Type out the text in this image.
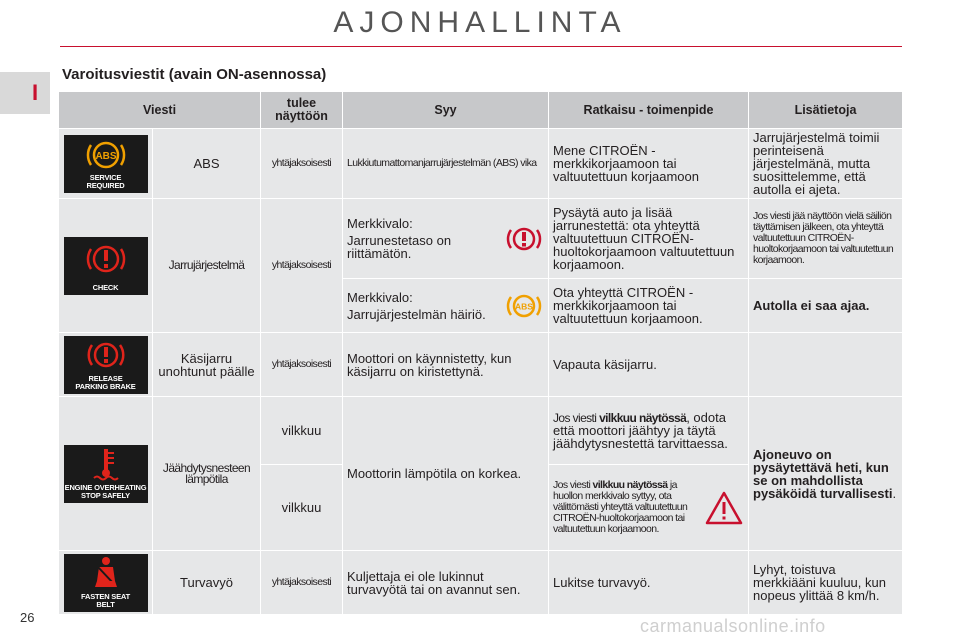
AJONHALLINTA
I
Varoitusviestit (avain ON-asennossa)
Viesti		tulee näyttöön	Syy	Ratkaisu - toimenpide	Lisätietoja

ABS
SERVICE REQUIRED	ABS	yhtäjaksoisesti	Lukkiutumattomanjarrujärjestelmän (ABS) vika	Mene CITROËN -merkkikorjaamoon tai valtuutettuun korjaamoon	Jarrujärjestelmä toimii perinteisenä järjestelmänä, mutta suosittelemme, että autolla ei ajeta.

CHECK	Jarrujärjestelmä	yhtäjaksoisesti	Merkkivalo:
Jarrunestetaso on riittämätön.	Pysäytä auto ja lisää jarrunestettä: ota yhteyttä valtuutettuun CITROËN-huoltokorjaamoon valtuutettuun korjaamoon.	Jos viesti jää näyttöön vielä säiliön täyttämisen jälkeen, ota yhteyttä valtuutettuun CITROËN-huoltokorjaamoon tai valtuutettuun korjaamoon.

			Merkkivalo:
Jarrujärjestelmän häiriö.
ABS	Ota yhteyttä CITROËN -merkkikorjaamoon tai valtuutettuun korjaamoon.	Autolla ei saa ajaa.

RELEASE
PARKING BRAKE	Käsijarru unohtunut päälle	yhtäjaksoisesti	Moottori on käynnistetty, kun käsijarru on kiristettynä.	Vapauta käsijarru.	

ENGINE OVERHEATING
STOP SAFELY	Jäähdytysnesteen lämpötila	vilkkuu	Moottorin lämpötila on korkea.	Jos viesti vilkkuu näytössä, odota että moottori jäähtyy ja täytä jäähdytysnestettä tarvittaessa.	Ajoneuvo on pysäytettävä heti, kun se on mahdollista pysäköidä turvallisesti.
		vilkkuu		Jos viesti vilkkuu näytössä ja huollon merkkivalo syttyy, ota välittömästi yhteyttä valtuutettuun CITROËN-huoltokorjaamoon tai valtuutettuun korjaamoon.	

FASTEN SEAT
BELT	Turvavyö	yhtäjaksoisesti	Kuljettaja ei ole lukinnut turvavyötä tai on avannut sen.	Lukitse turvavyö.	Lyhyt, toistuva merkkiääni kuuluu, kun nopeus ylittää 8 km/h.
26	carmanualsonline.info
